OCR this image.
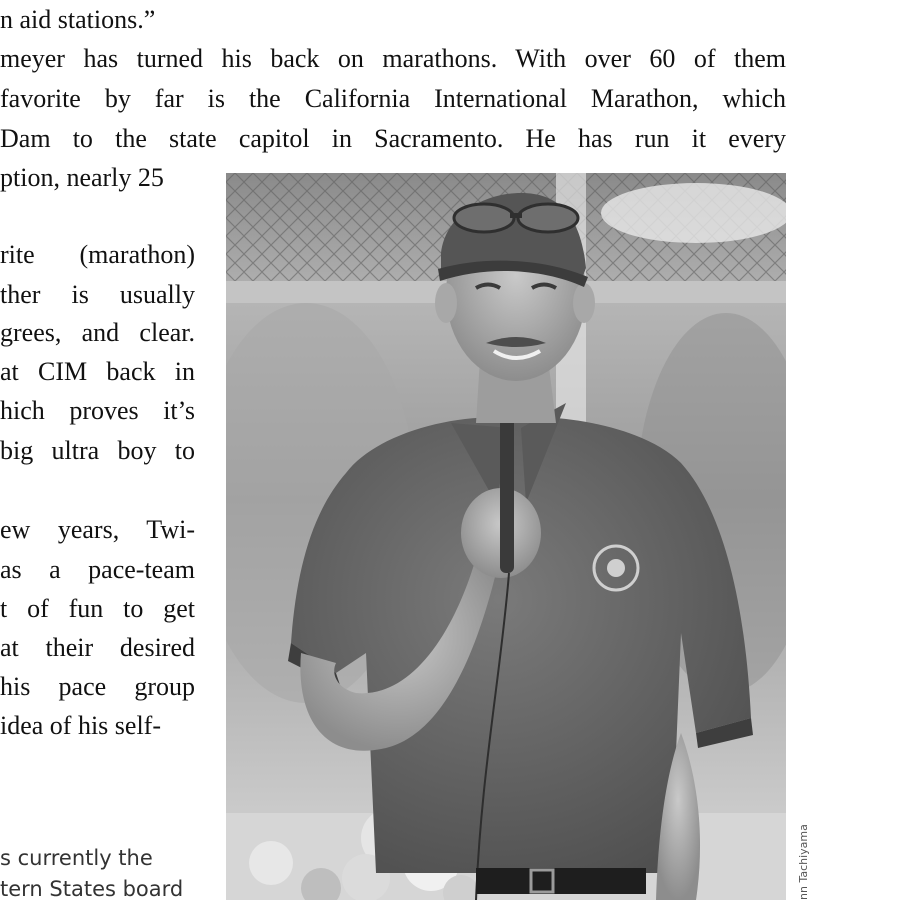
n aid stations.”
meyer has turned his back on marathons. With over 60 of them
favorite by far is the California International Marathon, which
Dam to the state capitol in Sacramento. He has run it every
ption, nearly 25
rite (marathon)
ther is usually
grees, and clear.
at CIM back in
hich proves it’s
big ultra boy to
ew years, Twi-
as a pace-team
t of fun to get
at their desired
his pace group
idea of his self-
s currently the
tern States board	nn Tachiyama
